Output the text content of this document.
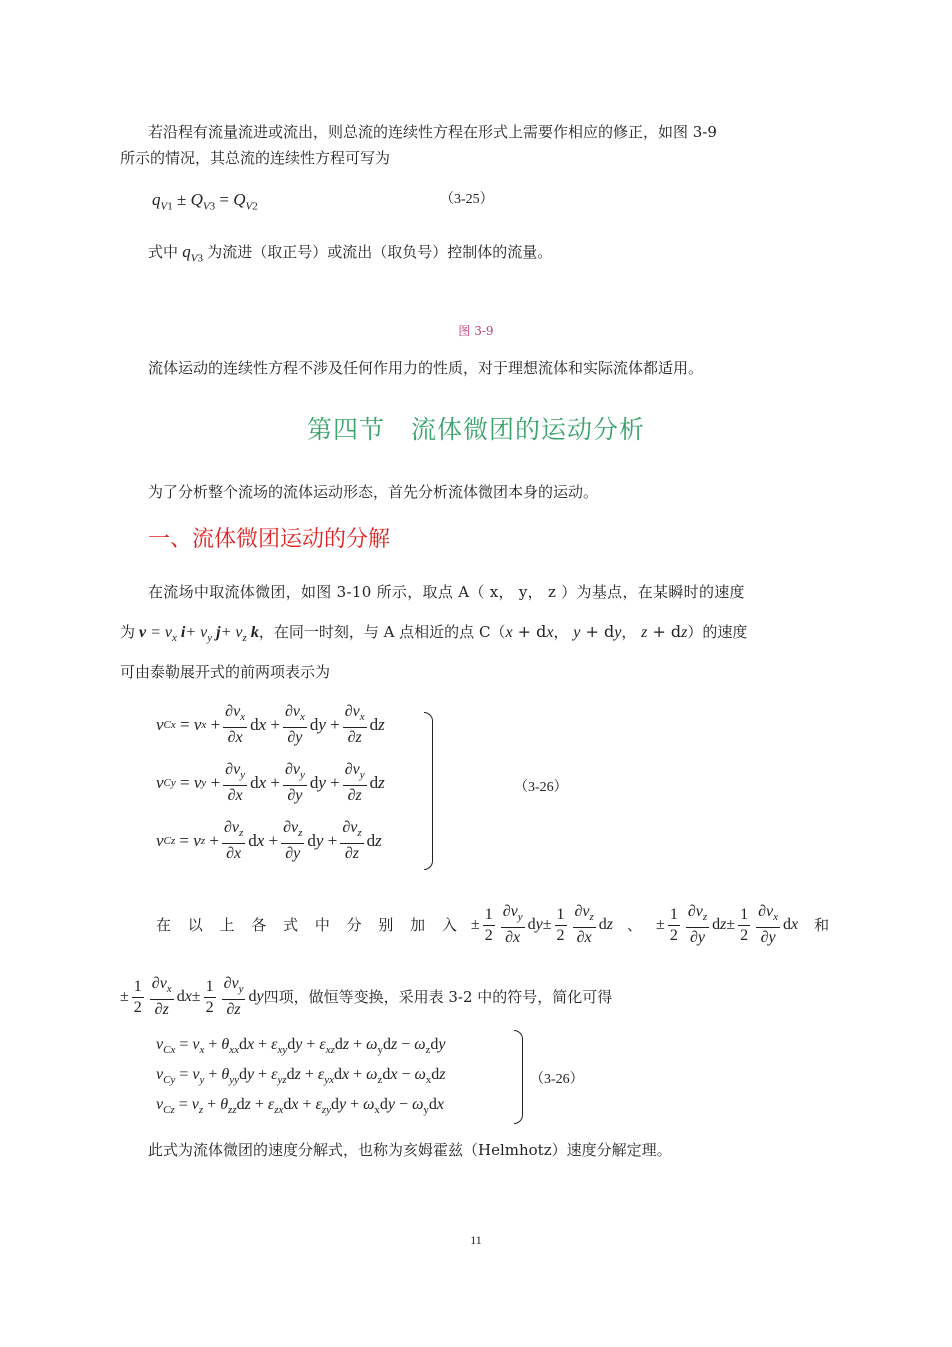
若沿程有流量流进或流出，则总流的连续性方程在形式上需要作相应的修正，如图 3-9
所示的情况，其总流的连续性方程可写为
$q_{V1} \pm Q_{V3} = Q_{V2}$	（3-25）
式中 $q_{V3}$ 为流进（取正号）或流出（取负号）控制体的流量。
图 3-9
流体运动的连续性方程不涉及任何作用力的性质，对于理想流体和实际流体都适用。
第四节　流体微团的运动分析
为了分析整个流场的流体运动形态，首先分析流体微团本身的运动。
一、流体微团运动的分解
在流场中取流体微团，如图 3-10 所示，取点 A（ x， y， z ）为基点，在某瞬时的速度
为 $v = v_x$ $i+ v_y$ $j+ v_z$ k，在同一时刻，与 A 点相近的点 C（x + dx， y + dy， z + dz）的速度
可由泰勒展开式的前两项表示为
v Cx
= v x
+ $\frac{\partial v_x}{\partial x}$ d $x + \frac{\partial v_x}{\partial y}$ d $y + \frac{\partial v_x}{\partial z}$ d z
v Cy
= v y
+ $\frac{\partial v_y}{\partial x}$ d $x + \frac{\partial v_y}{\partial y}$ d $y + \frac{\partial v_y}{\partial z}$ d z
v Cz
= v z
+ $\frac{\partial v_z}{\partial x}$ d $x + \frac{\partial v_z}{\partial y}$ d $y + \frac{\partial v_z}{\partial z}$ d z
（3-26）
在 以 上 各 式 中 分 别 加 入 ± $\frac{1}{2} \frac{\partial v_y}{\partial x}$ d $y \pm \frac{1}{2} \frac{\partial v_z}{\partial x}$ d z 、 ± $\frac{1}{2} \frac{\partial v_z}{\partial y}$ d $z \pm \frac{1}{2} \frac{\partial v_x}{\partial y}$ d x 和
± $\frac{1}{2} \frac{\partial v_x}{\partial z}$ d $x \pm \frac{1}{2} \frac{\partial v_y}{\partial z}$ d y 四项，做恒等变换，采用表 3-2 中的符号，简化可得
$v_{Cx} = v_x + \theta_{xx}dx + \varepsilon_{xy}dy + \varepsilon_{xz}dz + \omega_ydz - \omega_zdy$
$v_{Cy} = v_y + \theta_{yy}dy + \varepsilon_{yz}dz + \varepsilon_{yx}dx + \omega_zdx - \omega_xdz$
$v_{Cz} = v_z + \theta_{zz}dz + \varepsilon_{zx}dx + \varepsilon_{zy}dy + \omega_xdy - \omega_ydx$
（3-26）
此式为流体微团的速度分解式，也称为亥姆霍兹（Helmhotz）速度分解定理。
11
